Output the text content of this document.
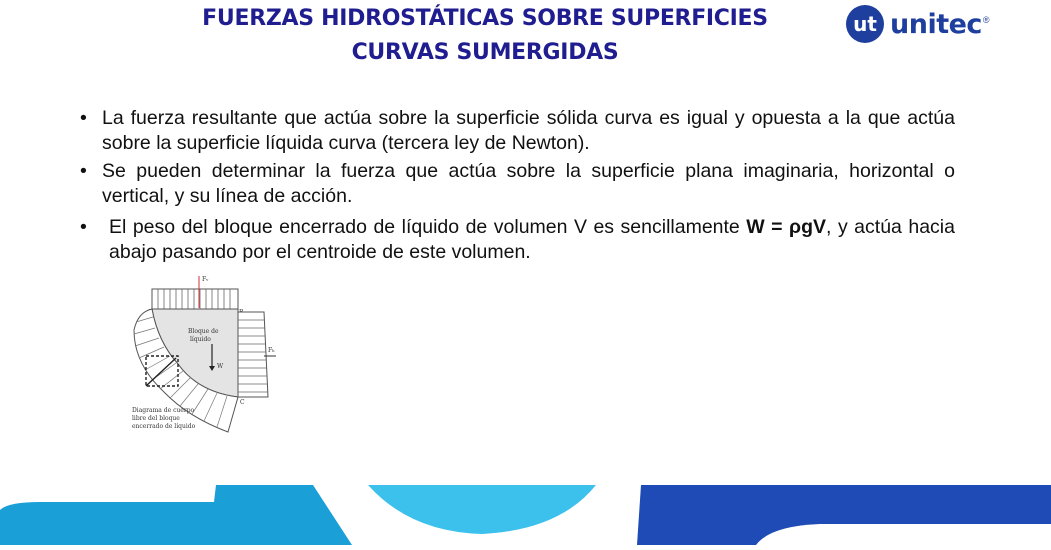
FUERZAS HIDROSTÁTICAS SOBRE SUPERFICIES
CURVAS SUMERGIDAS
ut unitec ®
• La fuerza resultante que actúa sobre la superficie sólida curva es igual y opuesta a la que actúa sobre la superficie líquida curva (tercera ley de Newton).
• Se pueden determinar la fuerza que actúa sobre la superficie plana imaginaria, horizontal o vertical, y su línea de acción.
•	El peso del bloque encerrado de líquido de volumen V es sencillamente W = ρgV, y actúa hacia abajo pasando por el centroide de este volumen.
Fᵥ
Fₕ
C
W
Bloque de
líquido
Diagrama de cuerpo
libre del bloque
encerrado de líquido
